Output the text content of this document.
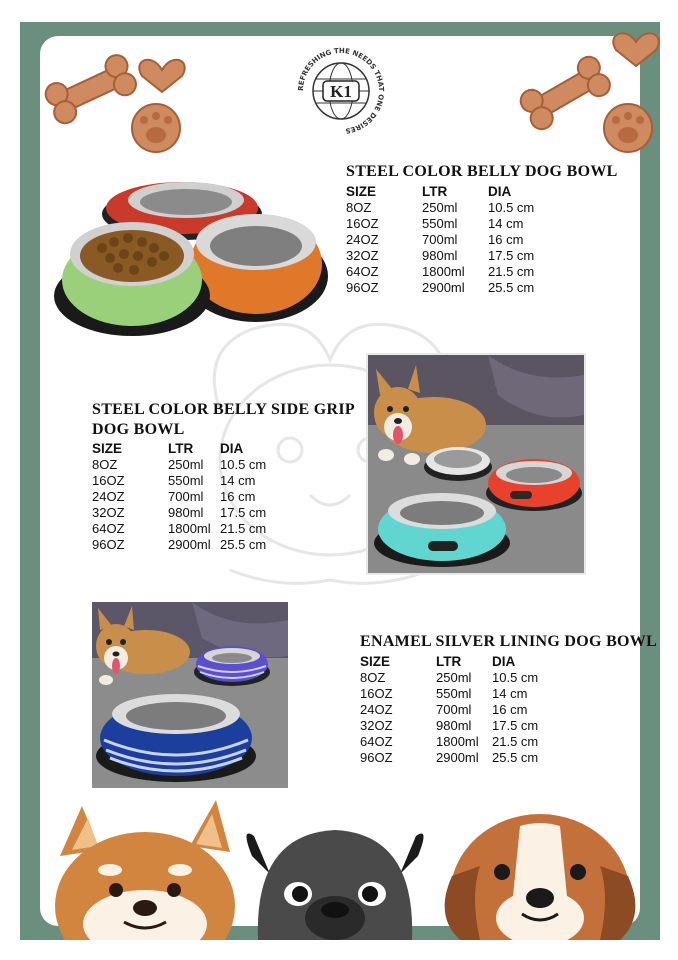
REFRESHING THE NEEDS THAT ONE DESIRES
K1
STEEL COLOR BELLY DOG BOWL
SIZE	LTR	DIA
8OZ	250ml	10.5 cm
16OZ	550ml	14 cm
24OZ	700ml	16 cm
32OZ	980ml	17.5 cm
64OZ	1800ml	21.5 cm
96OZ	2900ml	25.5 cm
STEEL COLOR BELLY SIDE GRIP
DOG BOWL
SIZE	LTR	DIA
8OZ	250ml	10.5 cm
16OZ	550ml	14 cm
24OZ	700ml	16 cm
32OZ	980ml	17.5 cm
64OZ	1800ml 21.5 cm
96OZ	2900ml 25.5 cm
ENAMEL SILVER LINING DOG BOWL
SIZE	LTR	DIA
8OZ	250ml	10.5 cm
16OZ	550ml	14 cm
24OZ	700ml	16 cm
32OZ	980ml	17.5 cm
64OZ	1800ml	21.5 cm
96OZ	2900ml	25.5 cm
